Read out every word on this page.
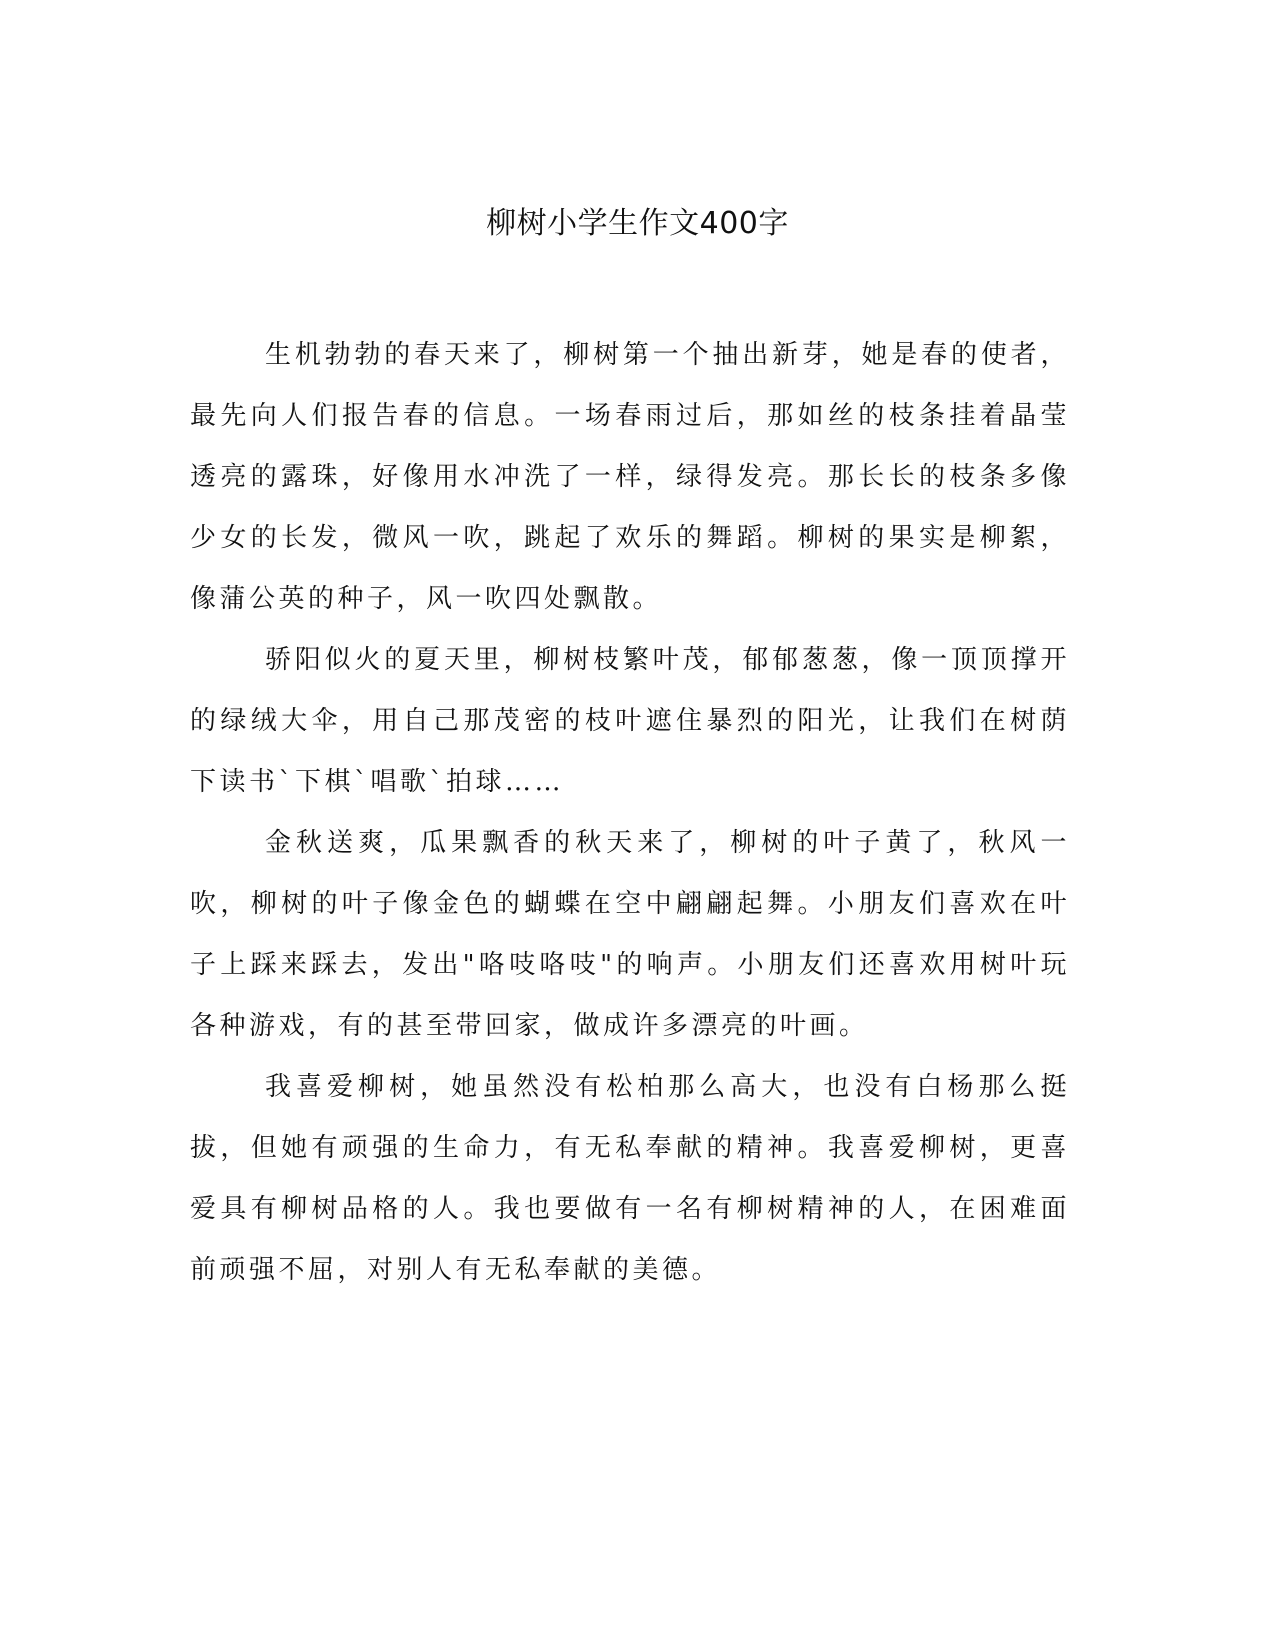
柳树小学生作文400字

生机勃勃的春天来了，柳树第一个抽出新芽，她是春的使者，最先向人们报告春的信息。一场春雨过后，那如丝的枝条挂着晶莹透亮的露珠，好像用水冲洗了一样，绿得发亮。那长长的枝条多像少女的长发，微风一吹，跳起了欢乐的舞蹈。柳树的果实是柳絮，像蒲公英的种子，风一吹四处飘散。

骄阳似火的夏天里，柳树枝繁叶茂，郁郁葱葱，像一顶顶撑开的绿绒大伞，用自己那茂密的枝叶遮住暴烈的阳光，让我们在树荫下读书`下棋`唱歌`拍球……

金秋送爽，瓜果飘香的秋天来了，柳树的叶子黄了，秋风一吹，柳树的叶子像金色的蝴蝶在空中翩翩起舞。小朋友们喜欢在叶子上踩来踩去，发出"咯吱咯吱"的响声。小朋友们还喜欢用树叶玩各种游戏，有的甚至带回家，做成许多漂亮的叶画。

我喜爱柳树，她虽然没有松柏那么高大，也没有白杨那么挺拔，但她有顽强的生命力，有无私奉献的精神。我喜爱柳树，更喜爱具有柳树品格的人。我也要做有一名有柳树精神的人，在困难面前顽强不屈，对别人有无私奉献的美德。
